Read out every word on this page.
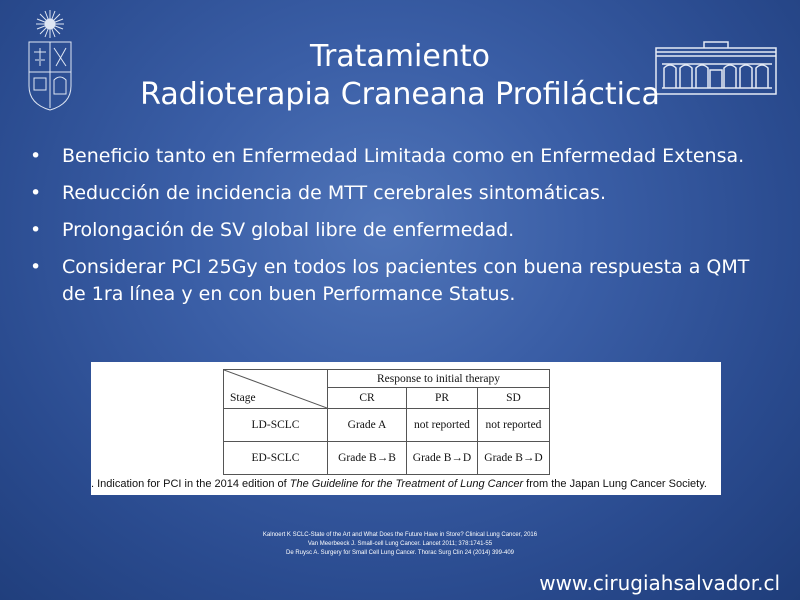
Tratamiento
Radioterapia Craneana Profiláctica
• Beneficio tanto en Enfermedad Limitada como en Enfermedad Extensa.
• Reducción de incidencia de MTT cerebrales sintomáticas.
• Prolongación de SV global libre de enfermedad.
• Considerar PCI 25Gy en todos los pacientes con buena respuesta a QMT de 1ra línea y en con buen Performance Status.
Stage	Response to initial therapy		
	CR	PR	SD
LD-SCLC	Grade A	not reported	not reported
ED-SCLC	Grade B→B	Grade B→D	Grade B→D
. Indication for PCI in the 2014 edition of The Guideline for the Treatment of Lung Cancer from the Japan Lung Cancer Society.
Kalnoert K SCLC-State of the Art and What Does the Future Have in Store? Clinical Lung Cancer, 2016
Van Meerbeeck J. Small-cell Lung Cancer. Lancet 2011; 378:1741-55
De Ruysc A. Surgery for Small Cell Lung Cancer. Thorac Surg Clin 24 (2014) 399-409
www.cirugiahsalvador.cl
